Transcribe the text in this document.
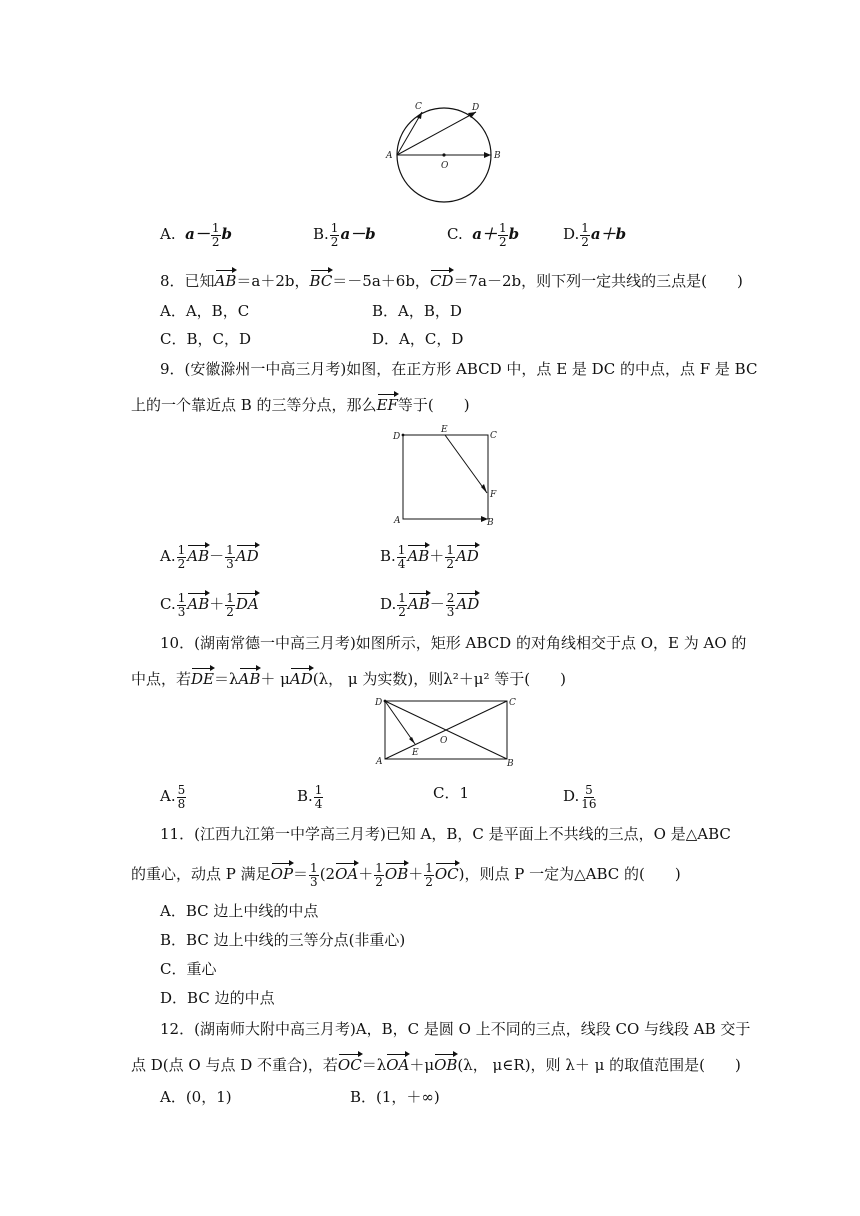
A	B
C	D
O
A. $a- \frac{1}{2}$ b	B. $\frac{1}{2} a-b$	C. $a+ \frac{1}{2}$ b	D. $\frac{1}{2} a+b$
8．已知AB＝a＋2b，BC＝－5a＋6b，CD＝7a－2b，则下列一定共线的三点是(　　)
A．A，B，C	B．A，B，D
C．B，C，D	D．A，C，D
9．(安徽滁州一中高三月考)如图，在正方形 ABCD 中，点 E 是 DC 的中点，点 F 是 BC
上的一个靠近点 B 的三等分点，那么EF等于(　　)
D
E
C
F
A	B
A. $\frac{1}{2} AB- \frac{1}{3}$ AD	B. $\frac{1}{4} AB+ \frac{1}{2}$ AD
C. $\frac{1}{3} AB+ \frac{1}{2}$ DA	D. $\frac{1}{2} AB- \frac{2}{3}$ AD
10．(湖南常德一中高三月考)如图所示，矩形 ABCD 的对角线相交于点 O，E 为 AO 的
中点，若DE＝λAB＋ μAD(λ， μ 为实数)，则λ²＋μ² 等于(　　)
D	C
O
E
A	B
A. $\frac{5}{8}$	B. $\frac{1}{4}$	C．1	D. $\frac{5}{16}$
11．(江西九江第一中学高三月考)已知 A，B，C 是平面上不共线的三点，O 是△ABC
的重心，动点 P 满足$OP= \frac{1}{3} (2OA+ \frac{1}{2} OB+ \frac{1}{2} OC)$，则点 P 一定为△ABC 的(　　)
A．BC 边上中线的中点
B．BC 边上中线的三等分点(非重心)
C．重心
D．BC 边的中点
12．(湖南师大附中高三月考)A，B，C 是圆 O 上不同的三点，线段 CO 与线段 AB 交于
点 D(点 O 与点 D 不重合)，若OC＝λOA＋μOB(λ， μ∈R)，则 λ＋ μ 的取值范围是(　　)
A．(0，1)	B．(1，＋∞)
